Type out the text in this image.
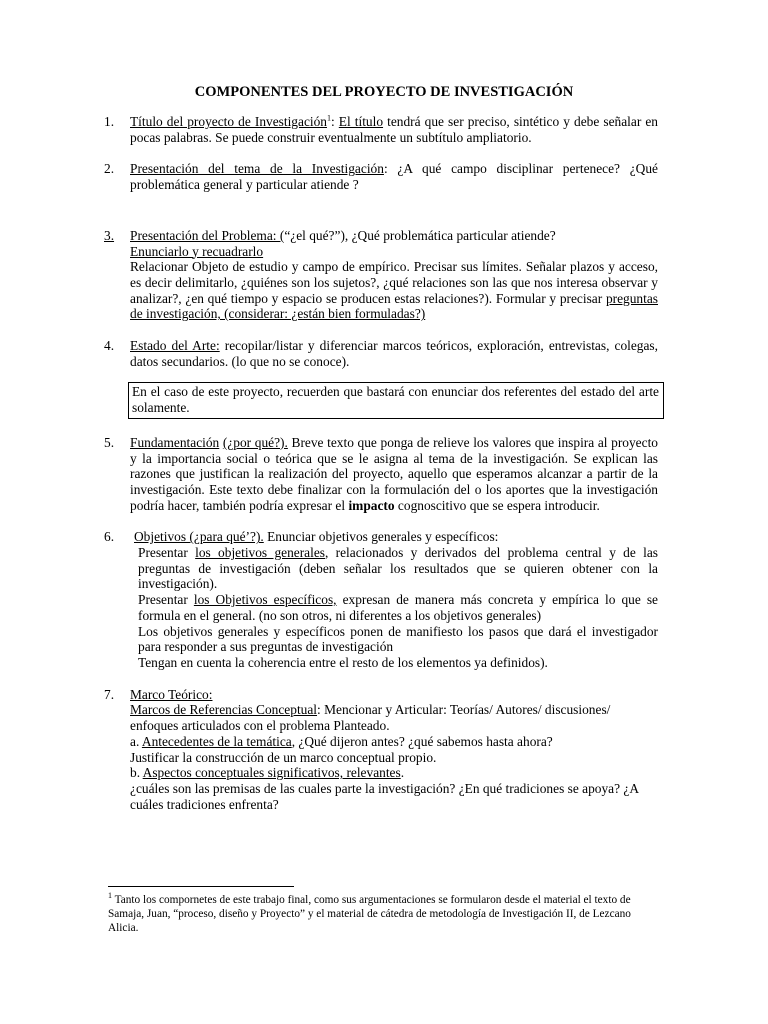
COMPONENTES DEL PROYECTO DE INVESTIGACIÓN
1. Título del proyecto de Investigación$^1$: El título tendrá que ser preciso, sintético y debe señalar en pocas palabras. Se puede construir eventualmente un subtítulo ampliatorio.
2. Presentación del tema de la Investigación: ¿A qué campo disciplinar pertenece? ¿Qué problemática general y particular atiende ?
3. Presentación del Problema: (“¿el qué?”), ¿Qué problemática particular atiende?
Enunciarlo y recuadrarlo
Relacionar Objeto de estudio y campo de empírico. Precisar sus límites. Señalar plazos y acceso, es decir delimitarlo, ¿quiénes son los sujetos?, ¿qué relaciones son las que nos interesa observar y analizar?, ¿en qué tiempo y espacio se producen estas relaciones?). Formular y precisar preguntas de investigación, (considerar: ¿están bien formuladas?)
4. Estado del Arte: recopilar/listar y diferenciar marcos teóricos, exploración, entrevistas, colegas, datos secundarios. (lo que no se conoce).
En el caso de este proyecto, recuerden que bastará con enunciar dos referentes del estado del arte solamente.
5. Fundamentación (¿por qué?). Breve texto que ponga de relieve los valores que inspira al proyecto y la importancia social o teórica que se le asigna al tema de la investigación. Se explican las razones que justifican la realización del proyecto, aquello que esperamos alcanzar a partir de la investigación. Este texto debe finalizar con la formulación del o los aportes que la investigación podría hacer, también podría expresar el impacto cognoscitivo que se espera introducir.
6. Objetivos (¿para qué’?). Enunciar objetivos generales y específicos:
Presentar los objetivos generales, relacionados y derivados del problema central y de las preguntas de investigación (deben señalar los resultados que se quieren obtener con la investigación).
Presentar los Objetivos específicos, expresan de manera más concreta y empírica lo que se formula en el general. (no son otros, ni diferentes a los objetivos generales)
Los objetivos generales y específicos ponen de manifiesto los pasos que dará el investigador para responder a sus preguntas de investigación
Tengan en cuenta la coherencia entre el resto de los elementos ya definidos).
7. Marco Teórico:
Marcos de Referencias Conceptual: Mencionar y Articular: Teorías/ Autores/ discusiones/ enfoques articulados con el problema Planteado.
a. Antecedentes de la temática, ¿Qué dijeron antes? ¿qué sabemos hasta ahora?
Justificar la construcción de un marco conceptual propio.
b. Aspectos conceptuales significativos, relevantes.
¿cuáles son las premisas de las cuales parte la investigación? ¿En qué tradiciones se apoya? ¿A cuáles tradiciones enfrenta?
$^1$ Tanto los compornetes de este trabajo final, como sus argumentaciones se formularon desde el material el texto de Samaja, Juan, “proceso, diseño y Proyecto” y el material de cátedra de metodología de Investigación II, de Lezcano Alicia.
